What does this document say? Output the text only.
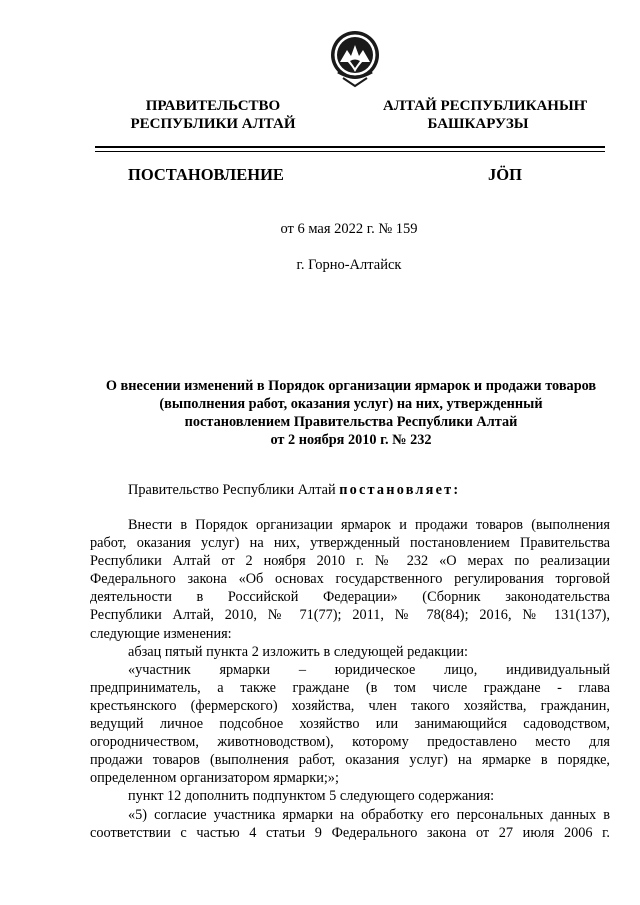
ПРАВИТЕЛЬСТВО
РЕСПУБЛИКИ АЛТАЙ
АЛТАЙ РЕСПУБЛИКАНЫҤ
БАШКАРУЗЫ
ПОСТАНОВЛЕНИЕ	JÖП
от 6 мая 2022 г. № 159
г. Горно-Алтайск
О внесении изменений в Порядок организации ярмарок и продажи товаров
(выполнения работ, оказания услуг) на них, утвержденный
постановлением Правительства Республики Алтай
от 2 ноября 2010 г. № 232
Правительство Республики Алтай постановляет:

Внести в Порядок организации ярмарок и продажи товаров (выполнения
работ, оказания услуг) на них, утвержденный постановлением Правительства
Республики Алтай от 2 ноября 2010 г. № 232 «О мерах по реализации
Федерального закона «Об основах государственного регулирования торговой
деятельности в Российской Федерации» (Сборник законодательства
Республики Алтай, 2010, № 71(77); 2011, № 78(84); 2016, № 131(137),
следующие изменения:

абзац пятый пункта 2 изложить в следующей редакции:

«участник ярмарки – юридическое лицо, индивидуальный
предприниматель, а также граждане (в том числе граждане - глава
крестьянского (фермерского) хозяйства, член такого хозяйства, гражданин,
ведущий личное подсобное хозяйство или занимающийся садоводством,
огородничеством, животноводством), которому предоставлено место для
продажи товаров (выполнения работ, оказания услуг) на ярмарке в порядке,
определенном организатором ярмарки;»;

пункт 12 дополнить подпунктом 5 следующего содержания:

«5) согласие участника ярмарки на обработку его персональных данных в
соответствии с частью 4 статьи 9 Федерального закона от 27 июля 2006 г.
